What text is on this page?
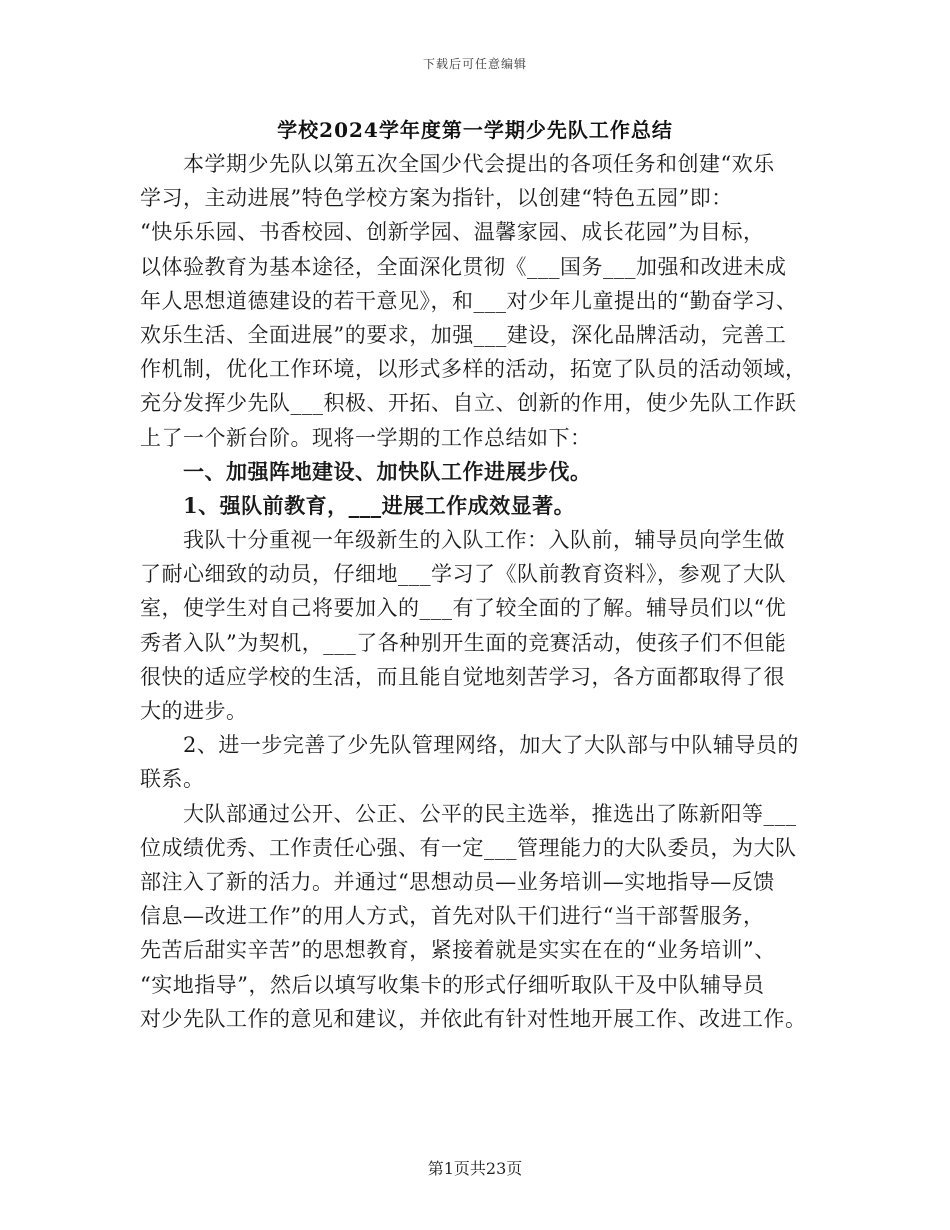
下载后可任意编辑
学校2024学年度第一学期少先队工作总结
　　本学期少先队以第五次全国少代会提出的各项任务和创建“欢乐
学习，主动进展”特色学校方案为指针，以创建“特色五园”即：
“快乐乐园、书香校园、创新学园、温馨家园、成长花园”为目标，
以体验教育为基本途径，全面深化贯彻《___国务___加强和改进未成
年人思想道德建设的若干意见》，和___对少年儿童提出的“勤奋学习、
欢乐生活、全面进展”的要求，加强___建设，深化品牌活动，完善工
作机制，优化工作环境，以形式多样的活动，拓宽了队员的活动领域，
充分发挥少先队___积极、开拓、自立、创新的作用，使少先队工作跃
上了一个新台阶。现将一学期的工作总结如下：
　　一、加强阵地建设、加快队工作进展步伐。
　　1、强队前教育，___进展工作成效显著。
　　我队十分重视一年级新生的入队工作：入队前，辅导员向学生做
了耐心细致的动员，仔细地___学习了《队前教育资料》，参观了大队
室，使学生对自己将要加入的___有了较全面的了解。辅导员们以“优
秀者入队”为契机，___了各种别开生面的竞赛活动，使孩子们不但能
很快的适应学校的生活，而且能自觉地刻苦学习，各方面都取得了很
大的进步。
　　2、进一步完善了少先队管理网络，加大了大队部与中队辅导员的
联系。
　　大队部通过公开、公正、公平的民主选举，推选出了陈新阳等___
位成绩优秀、工作责任心强、有一定___管理能力的大队委员，为大队
部注入了新的活力。并通过“思想动员—业务培训—实地指导—反馈
信息—改进工作”的用人方式，首先对队干们进行“当干部誓服务，
先苦后甜实辛苦”的思想教育，紧接着就是实实在在的“业务培训”、
“实地指导”，然后以填写收集卡的形式仔细听取队干及中队辅导员
对少先队工作的意见和建议，并依此有针对性地开展工作、改进工作。
第1页共23页
